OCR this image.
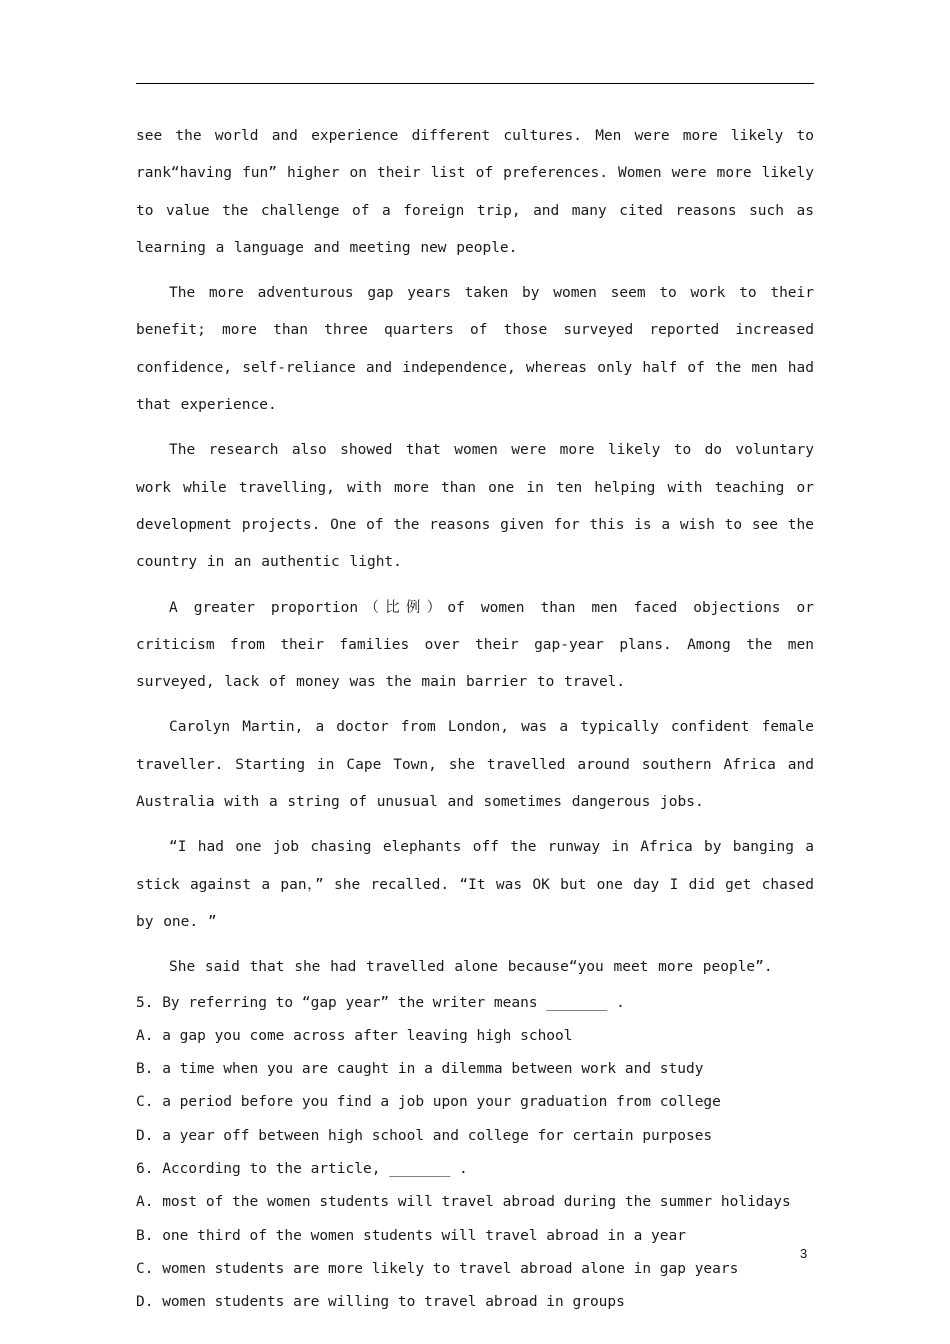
see the world and experience different cultures. Men were more likely to rank“having fun” higher on their list of preferences. Women were more likely to value the challenge of a foreign trip, and many cited reasons such as learning a language and meeting new people.

The more adventurous gap years taken by women seem to work to their benefit; more than three quarters of those surveyed reported increased confidence, self-reliance and independence, whereas only half of the men had that experience.

The research also showed that women were more likely to do voluntary work while travelling, with more than one in ten helping with teaching or development projects. One of the reasons given for this is a wish to see the country in an authentic light.

A greater proportion（比例）of women than men faced objections or criticism from their families over their gap-year plans. Among the men surveyed, lack of money was the main barrier to travel.

Carolyn Martin, a doctor from London, was a typically confident female traveller. Starting in Cape Town, she travelled around southern Africa and Australia with a string of unusual and sometimes dangerous jobs.

“I had one job chasing elephants off the runway in Africa by banging a stick against a pan，” she recalled. “It was OK but one day I did get chased by one. ”

She said that she had travelled alone because“you meet more people”.

5. By referring to “gap year” the writer means _______ .

A. a gap you come across after leaving high school

B. a time when you are caught in a dilemma between work and study

C. a period before you find a job upon your graduation from college

D. a year off between high school and college for certain purposes

6. According to the article, _______ .

A. most of the women students will travel abroad during the summer holidays

B. one third of the women students will travel abroad in a year

C. women students are more likely to travel abroad alone in gap years

D. women students are willing to travel abroad in groups

3
